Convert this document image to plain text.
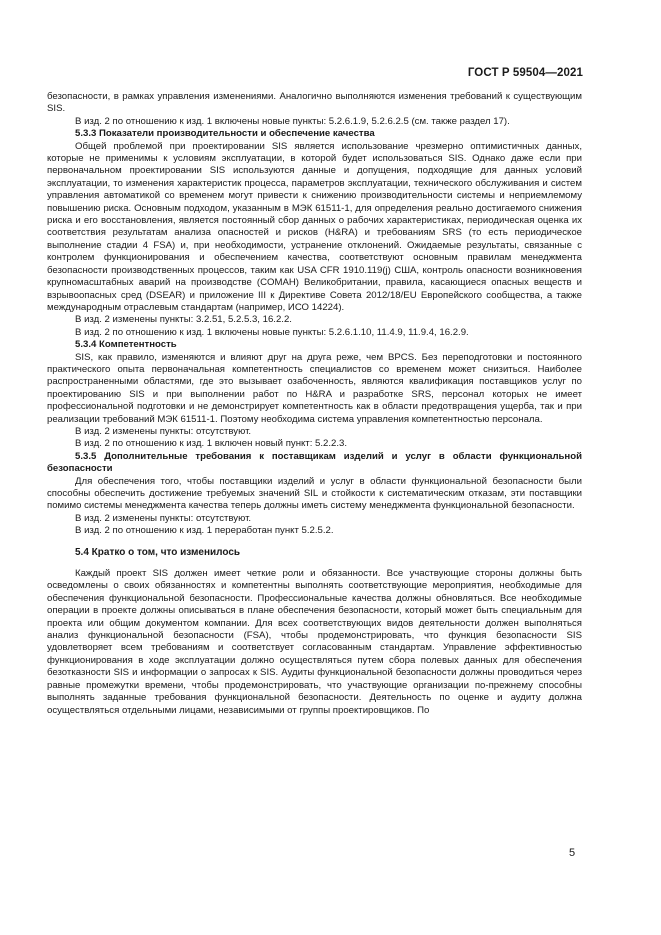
ГОСТ Р 59504—2021

безопасности, в рамках управления изменениями. Аналогично выполняются изменения требований к существующим SIS.

В изд. 2 по отношению к изд. 1 включены новые пункты: 5.2.6.1.9, 5.2.6.2.5 (см. также раздел 17).

5.3.3 Показатели производительности и обеспечение качества

Общей проблемой при проектировании SIS является использование чрезмерно оптимистичных данных, которые не применимы к условиям эксплуатации, в которой будет использоваться SIS. Однако даже если при первоначальном проектировании SIS используются данные и допущения, подходящие для данных условий эксплуатации, то изменения характеристик процесса, параметров эксплуатации, технического обслуживания и систем управления автоматикой со временем могут привести к снижению производительности системы и неприемлемому повышению риска. Основным подходом, указанным в МЭК 61511-1, для определения реально достигаемого снижения риска и его восстановления, является постоянный сбор данных о рабочих характеристиках, периодическая оценка их соответствия результатам анализа опасностей и рисков (H&RA) и требованиям SRS (то есть периодическое выполнение стадии 4 FSA) и, при необходимости, устранение отклонений. Ожидаемые результаты, связанные с контролем функционирования и обеспечением качества, соответствуют основным правилам менеджмента безопасности производственных процессов, таким как USA CFR 1910.119(j) США, контроль опасности возникновения крупномасштабных аварий на производстве (COMAH) Великобритании, правила, касающиеся опасных веществ и взрывоопасных сред (DSEAR) и приложение III к Директиве Совета 2012/18/EU Европейского сообщества, а также международным отраслевым стандартам (например, ИСО 14224).

В изд. 2 изменены пункты: 3.2.51, 5.2.5.3, 16.2.2.

В изд. 2 по отношению к изд. 1 включены новые пункты: 5.2.6.1.10, 11.4.9, 11.9.4, 16.2.9.

5.3.4 Компетентность

SIS, как правило, изменяются и влияют друг на друга реже, чем BPCS. Без переподготовки и постоянного практического опыта первоначальная компетентность специалистов со временем может снизиться. Наиболее распространенными областями, где это вызывает озабоченность, являются квалификация поставщиков услуг по проектированию SIS и при выполнении работ по H&RA и разработке SRS, персонал которых не имеет профессиональной подготовки и не демонстрирует компетентность как в области предотвращения ущерба, так и при реализации требований МЭК 61511-1. Поэтому необходима система управления компетентностью персонала.

В изд. 2 изменены пункты: отсутствуют.

В изд. 2 по отношению к изд. 1 включен новый пункт: 5.2.2.3.

5.3.5 Дополнительные требования к поставщикам изделий и услуг в области функциональной безопасности

Для обеспечения того, чтобы поставщики изделий и услуг в области функциональной безопасности были способны обеспечить достижение требуемых значений SIL и стойкости к систематическим отказам, эти поставщики помимо системы менеджмента качества теперь должны иметь систему менеджмента функциональной безопасности.

В изд. 2 изменены пункты: отсутствуют.

В изд. 2 по отношению к изд. 1 переработан пункт 5.2.5.2.

5.4 Кратко о том, что изменилось

Каждый проект SIS должен имеет четкие роли и обязанности. Все участвующие стороны должны быть осведомлены о своих обязанностях и компетентны выполнять соответствующие мероприятия, необходимые для обеспечения функциональной безопасности. Профессиональные качества должны обновляться. Все необходимые операции в проекте должны описываться в плане обеспечения безопасности, который может быть специальным для проекта или общим документом компании. Для всех соответствующих видов деятельности должен выполняться анализ функциональной безопасности (FSA), чтобы продемонстрировать, что функция безопасности SIS удовлетворяет всем требованиям и соответствует согласованным стандартам. Управление эффективностью функционирования в ходе эксплуатации должно осуществляться путем сбора полевых данных для обеспечения безотказности SIS и информации о запросах к SIS. Аудиты функциональной безопасности должны проводиться через равные промежутки времени, чтобы продемонстрировать, что участвующие организации по-прежнему способны выполнять заданные требования функциональной безопасности. Деятельность по оценке и аудиту должна осуществляться отдельными лицами, независимыми от группы проектировщиков. По

5
